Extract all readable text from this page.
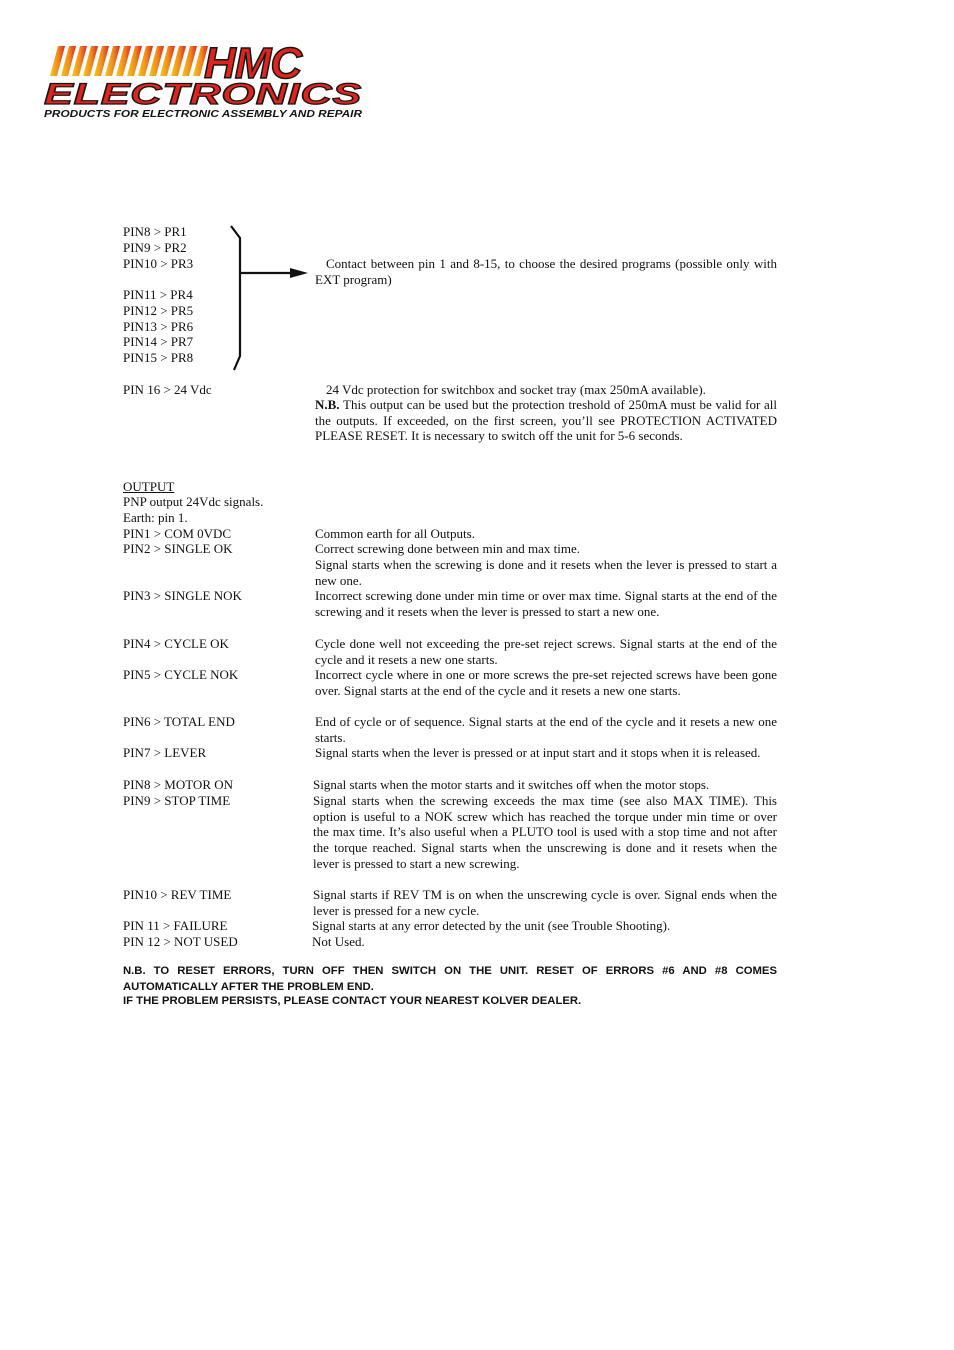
HMC
ELECTRONICS
PRODUCTS FOR ELECTRONIC ASSEMBLY AND REPAIR
PIN8 > PR1
PIN9 > PR2
PIN10 > PR3
PIN11 > PR4
PIN12 > PR5
PIN13 > PR6
PIN14 > PR7
PIN15 > PR8
Contact between pin 1 and 8-15, to choose the desired programs (possible only with EXT program)
PIN 16 > 24 Vdc	24 Vdc protection for switchbox and socket tray (max 250mA available).
N.B. This output can be used but the protection treshold of 250mA must be valid for all the outputs. If exceeded, on the first screen, you’ll see PROTECTION ACTIVATED PLEASE RESET. It is necessary to switch off the unit for 5-6 seconds.
OUTPUT
PNP output 24Vdc signals.
Earth: pin 1.
PIN1 > COM 0VDC	Common earth for all Outputs.
PIN2 > SINGLE OK	Correct screwing done between min and max time.
Signal starts when the screwing is done and it resets when the lever is pressed to start a new one.
PIN3 > SINGLE NOK	Incorrect screwing done under min time or over max time. Signal starts at the end of the screwing and it resets when the lever is pressed to start a new one.
PIN4 > CYCLE OK	Cycle done well not exceeding the pre-set reject screws. Signal starts at the end of the cycle and it resets a new one starts.
PIN5 > CYCLE NOK	Incorrect cycle where in one or more screws the pre-set rejected screws have been gone over. Signal starts at the end of the cycle and it resets a new one starts.
PIN6 > TOTAL END	End of cycle or of sequence. Signal starts at the end of the cycle and it resets a new one starts.
PIN7 > LEVER	Signal starts when the lever is pressed or at input start and it stops when it is released.
PIN8 > MOTOR ON	Signal starts when the motor starts and it switches off when the motor stops.
PIN9 > STOP TIME	Signal starts when the screwing exceeds the max time (see also MAX TIME). This option is useful to a NOK screw which has reached the torque under min time or over the max time. It’s also useful when a PLUTO tool is used with a stop time and not after the torque reached. Signal starts when the unscrewing is done and it resets when the lever is pressed to start a new screwing.
PIN10 > REV TIME	Signal starts if REV TM is on when the unscrewing cycle is over. Signal ends when the lever is pressed for a new cycle.
PIN 11 > FAILURE	Signal starts at any error detected by the unit (see Trouble Shooting).
PIN 12 > NOT USED	Not Used.
N.B. TO RESET ERRORS, TURN OFF THEN SWITCH ON THE UNIT. RESET OF ERRORS #6 AND #8 COMES AUTOMATICALLY AFTER THE PROBLEM END.
IF THE PROBLEM PERSISTS, PLEASE CONTACT YOUR NEAREST KOLVER DEALER.
